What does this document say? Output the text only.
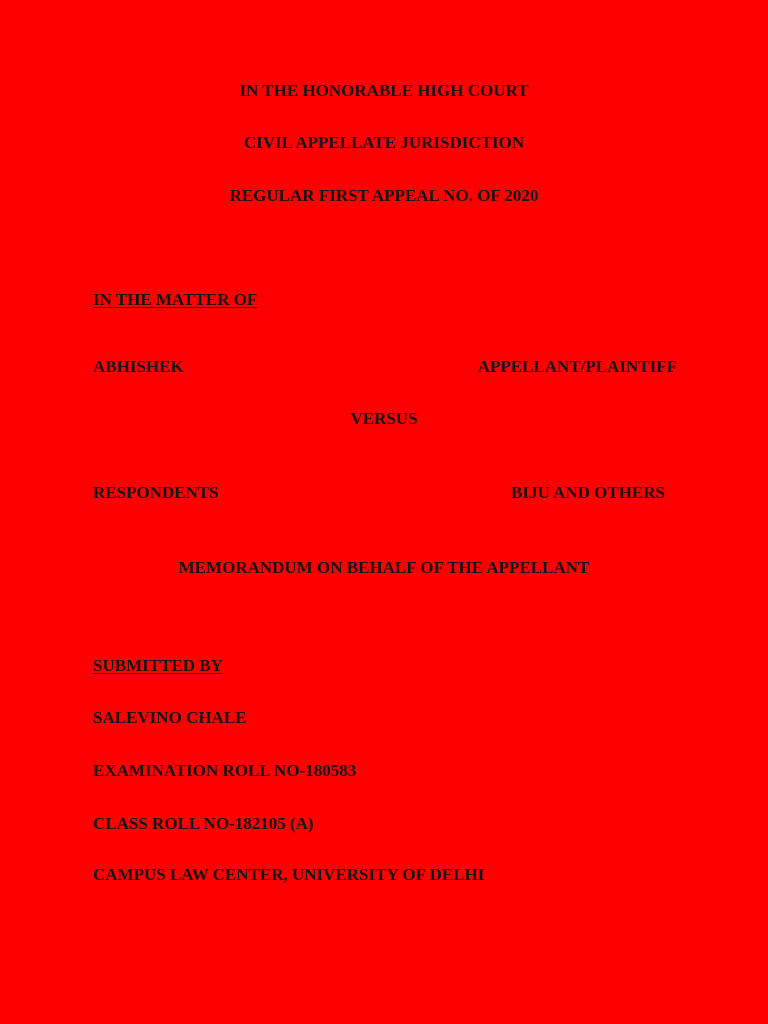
IN THE HONORABLE HIGH COURT
CIVIL APPELLATE JURISDICTION
REGULAR FIRST APPEAL NO. OF 2020
IN THE MATTER OF
ABHISHEK	APPELLANT/PLAINTIFF
VERSUS
RESPONDENTS	BIJU AND OTHERS
MEMORANDUM ON BEHALF OF THE APPELLANT
SUBMITTED BY
SALEVINO CHALE
EXAMINATION ROLL NO-180583
CLASS ROLL NO-182105 (A)
CAMPUS LAW CENTER, UNIVERSITY OF DELHI
